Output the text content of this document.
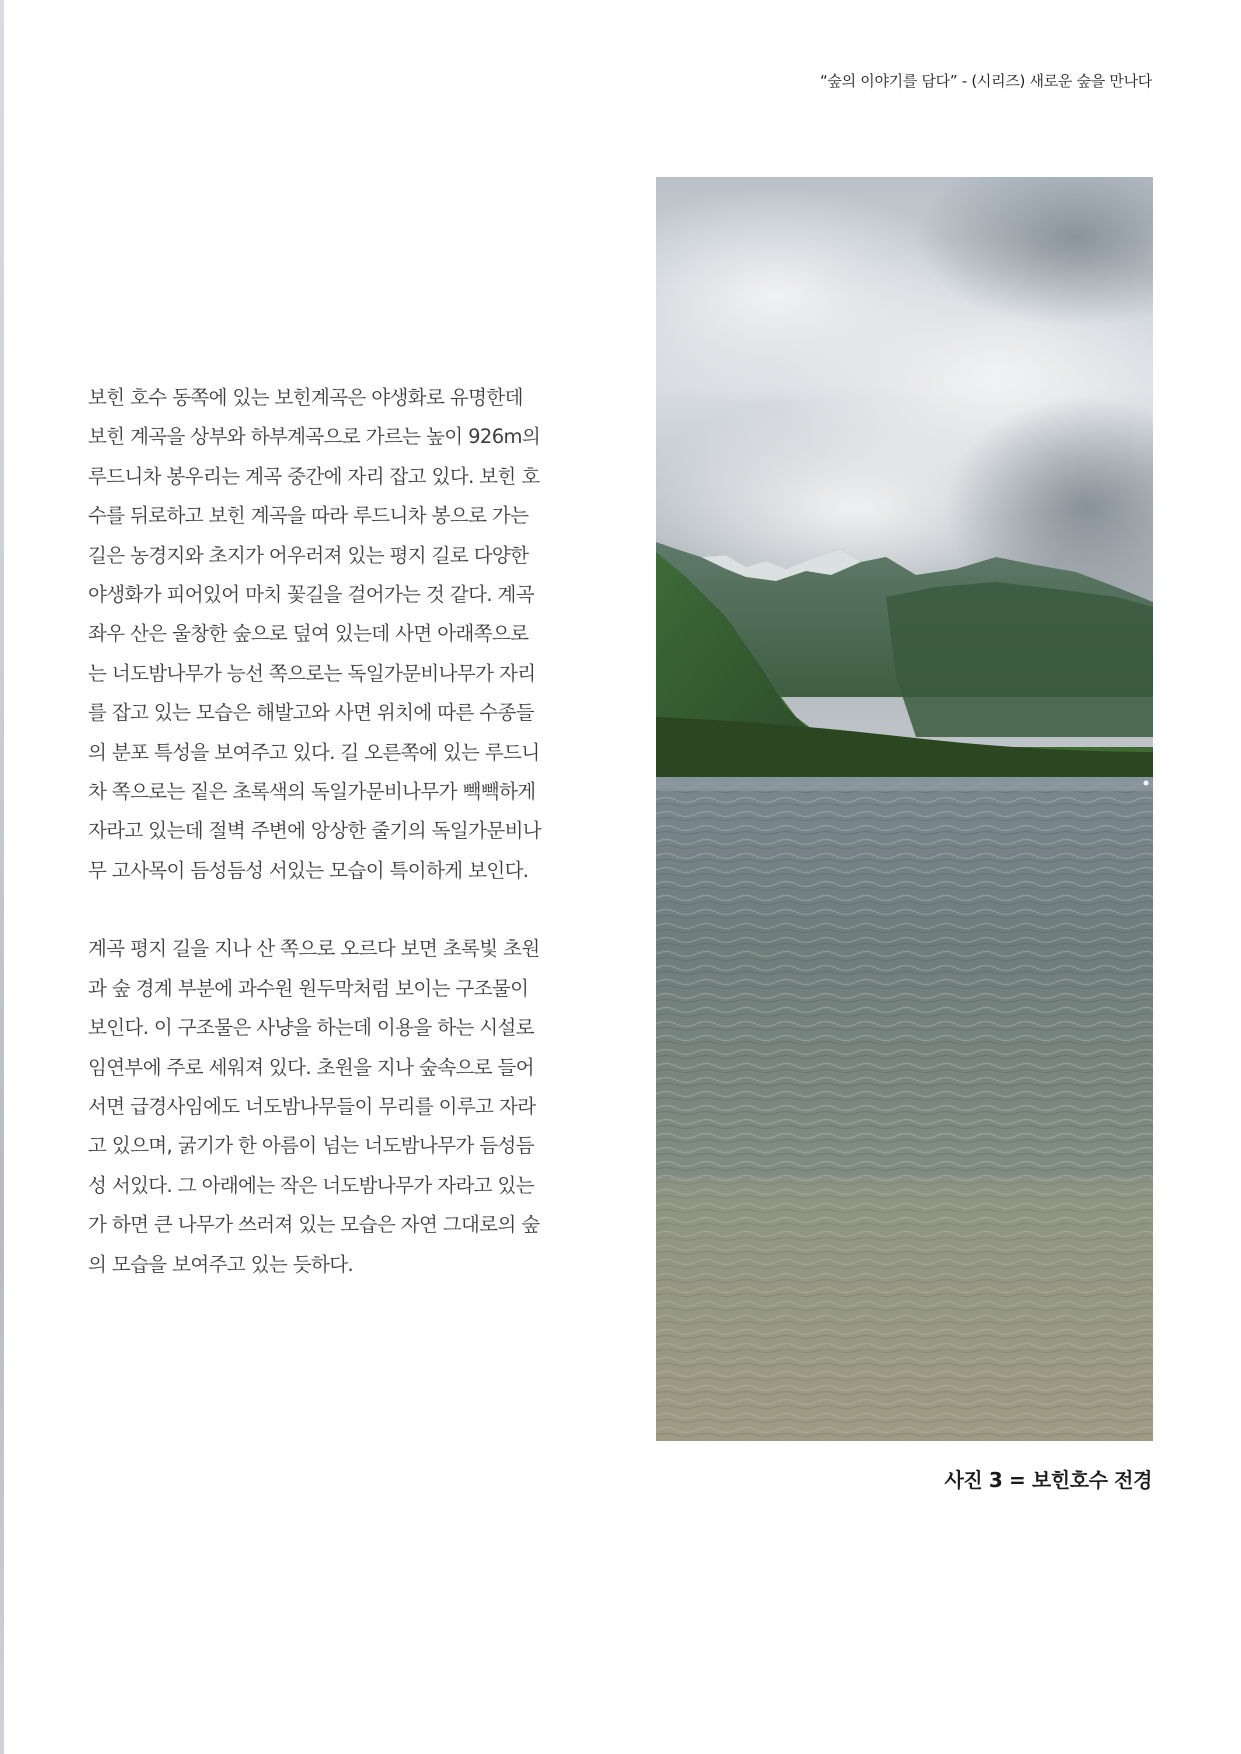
“숲의 이야기를 담다” - (시리즈) 새로운 숲을 만나다

보힌 호수 동쪽에 있는 보힌계곡은 야생화로 유명한데
보힌 계곡을 상부와 하부계곡으로 가르는 높이 926m의
루드니차 봉우리는 계곡 중간에 자리 잡고 있다. 보힌 호
수를 뒤로하고 보힌 계곡을 따라 루드니차 봉으로 가는
길은 농경지와 초지가 어우러져 있는 평지 길로 다양한
야생화가 피어있어 마치 꽃길을 걸어가는 것 같다. 계곡
좌우 산은 울창한 숲으로 덮여 있는데 사면 아래쪽으로
는 너도밤나무가 능선 쪽으로는 독일가문비나무가 자리
를 잡고 있는 모습은 해발고와 사면 위치에 따른 수종들
의 분포 특성을 보여주고 있다. 길 오른쪽에 있는 루드니
차 쪽으로는 짙은 초록색의 독일가문비나무가 빽빽하게
자라고 있는데 절벽 주변에 앙상한 줄기의 독일가문비나
무 고사목이 듬성듬성 서있는 모습이 특이하게 보인다.

계곡 평지 길을 지나 산 쪽으로 오르다 보면 초록빛 초원
과 숲 경계 부분에 과수원 원두막처럼 보이는 구조물이
보인다. 이 구조물은 사냥을 하는데 이용을 하는 시설로
임연부에 주로 세워져 있다. 초원을 지나 숲속으로 들어
서면 급경사임에도 너도밤나무들이 무리를 이루고 자라
고 있으며, 굵기가 한 아름이 넘는 너도밤나무가 듬성듬
성 서있다. 그 아래에는 작은 너도밤나무가 자라고 있는
가 하면 큰 나무가 쓰러져 있는 모습은 자연 그대로의 숲
의 모습을 보여주고 있는 듯하다.

사진 3 = 보힌호수 전경
